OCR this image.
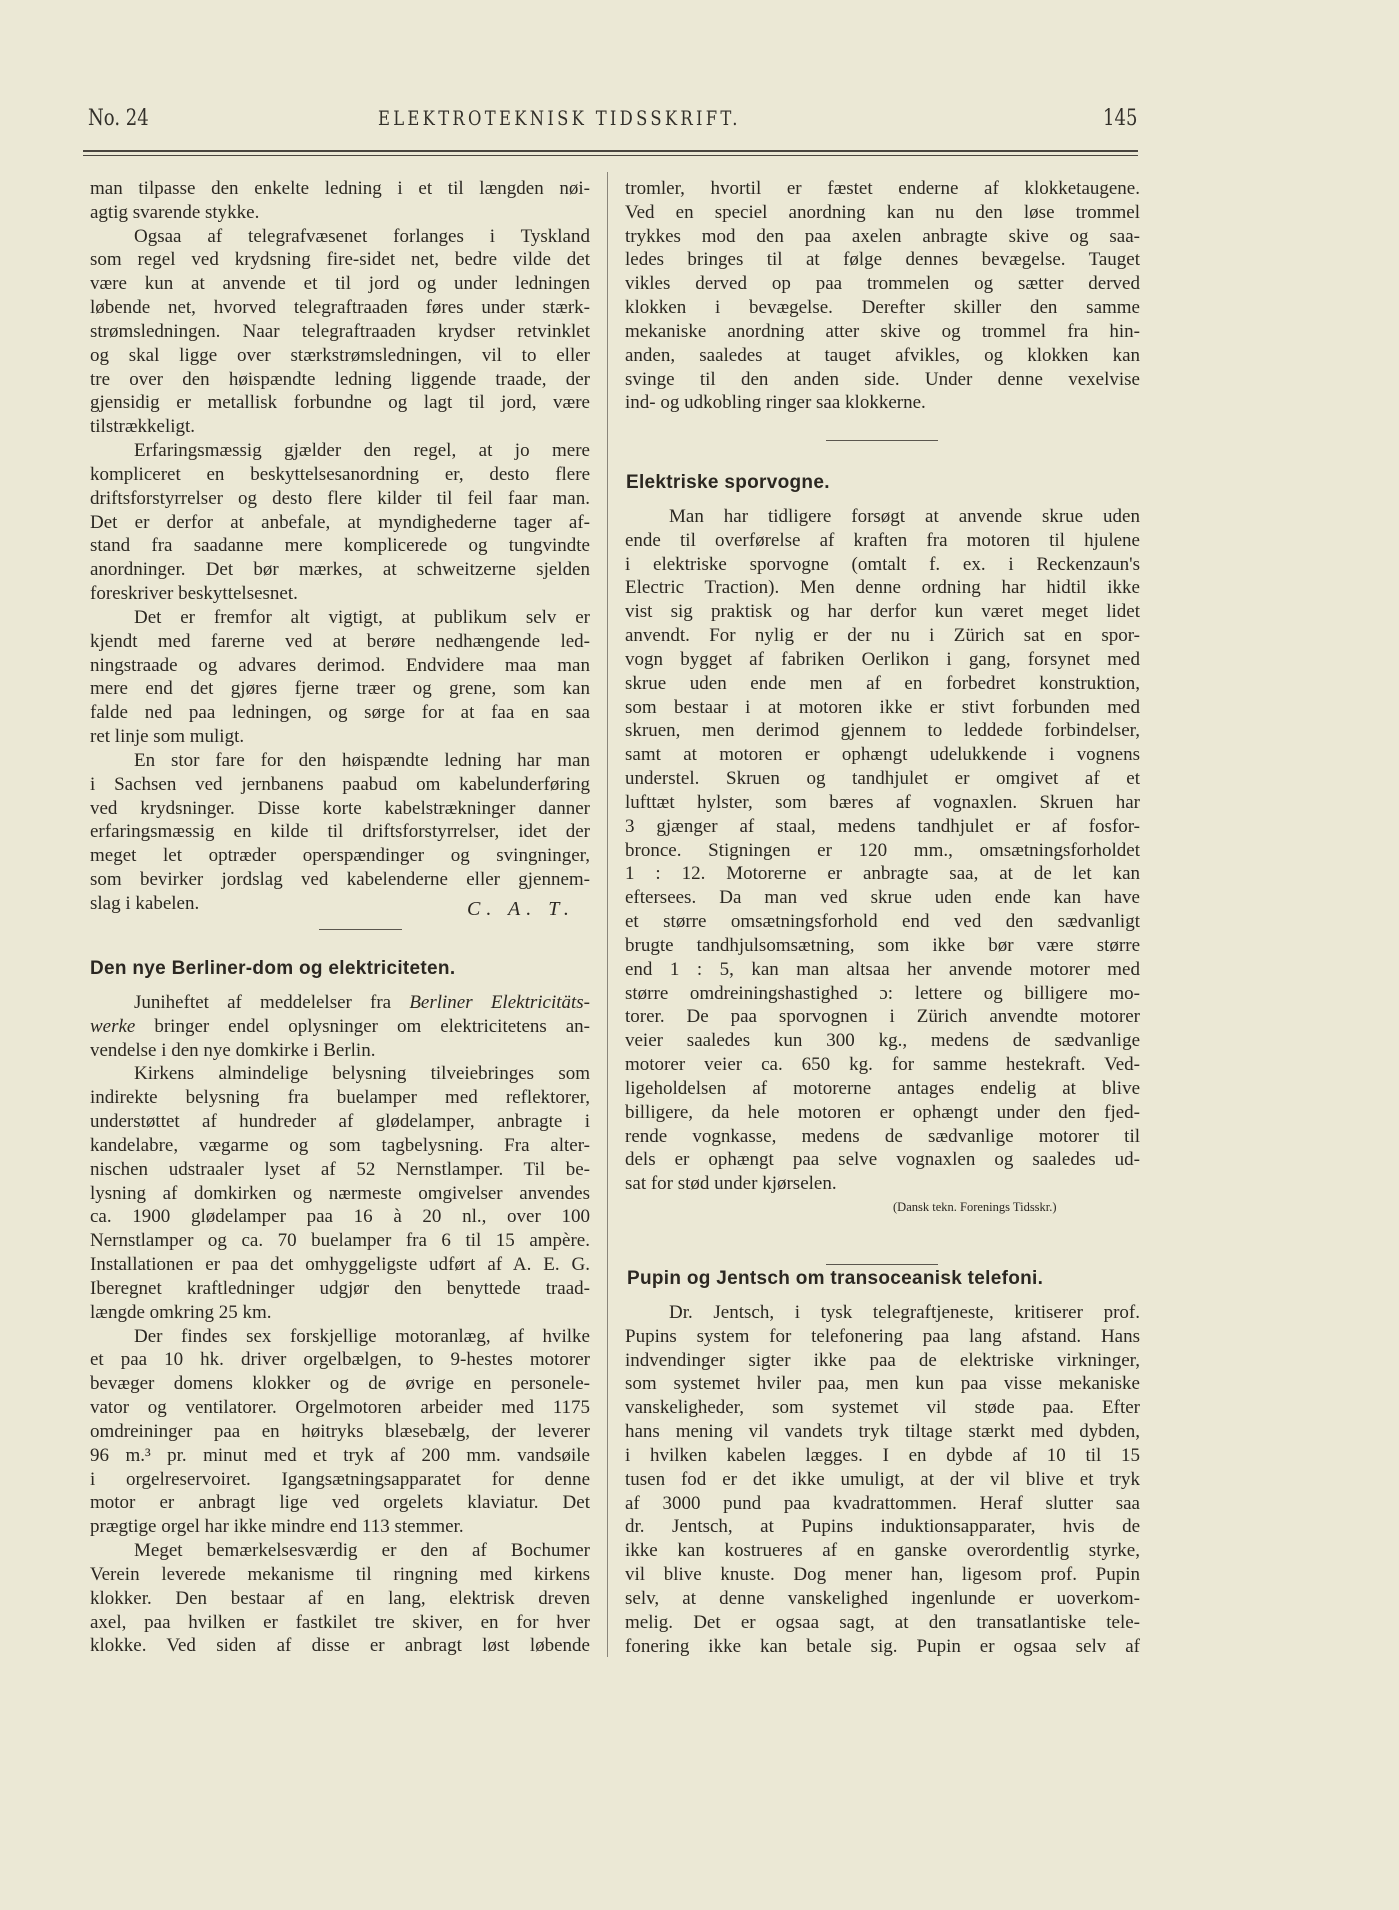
No. 24	ELEKTROTEKNISK TIDSSKRIFT.	145
man tilpasse den enkelte ledning i et til længden nøi-
agtig svarende stykke.
Ogsaa af telegrafvæsenet forlanges i Tyskland
som regel ved krydsning fire-sidet net, bedre vilde det
være kun at anvende et til jord og under ledningen
løbende net, hvorved telegraftraaden føres under stærk-
strømsledningen. Naar telegraftraaden krydser retvinklet
og skal ligge over stærkstrømsledningen, vil to eller
tre over den høispændte ledning liggende traade, der
gjensidig er metallisk forbundne og lagt til jord, være
tilstrækkeligt.
Erfaringsmæssig gjælder den regel, at jo mere
kompliceret en beskyttelsesanordning er, desto flere
driftsforstyrrelser og desto flere kilder til feil faar man.
Det er derfor at anbefale, at myndighederne tager af-
stand fra saadanne mere komplicerede og tungvindte
anordninger. Det bør mærkes, at schweitzerne sjelden
foreskriver beskyttelsesnet.
Det er fremfor alt vigtigt, at publikum selv er
kjendt med farerne ved at berøre nedhængende led-
ningstraade og advares derimod. Endvidere maa man
mere end det gjøres fjerne træer og grene, som kan
falde ned paa ledningen, og sørge for at faa en saa
ret linje som muligt.
En stor fare for den høispændte ledning har man
i Sachsen ved jernbanens paabud om kabelunderføring
ved krydsninger. Disse korte kabelstrækninger danner
erfaringsmæssig en kilde til driftsforstyrrelser, idet der
meget let optræder operspændinger og svingninger,
som bevirker jordslag ved kabelenderne eller gjennem-
slag i kabelen.	C. A. T.
Den nye Berliner-dom og elektriciteten.
Juniheftet af meddelelser fra Berliner Elektricitäts-
werke bringer endel oplysninger om elektricitetens an-
vendelse i den nye domkirke i Berlin.
Kirkens almindelige belysning tilveiebringes som
indirekte belysning fra buelamper med reflektorer,
understøttet af hundreder af glødelamper, anbragte i
kandelabre, vægarme og som tagbelysning. Fra alter-
nischen udstraaler lyset af 52 Nernstlamper. Til be-
lysning af domkirken og nærmeste omgivelser anvendes
ca. 1900 glødelamper paa 16 à 20 nl., over 100
Nernstlamper og ca. 70 buelamper fra 6 til 15 ampère.
Installationen er paa det omhyggeligste udført af A. E. G.
Iberegnet kraftledninger udgjør den benyttede traad-
længde omkring 25 km.
Der findes sex forskjellige motoranlæg, af hvilke
et paa 10 hk. driver orgelbælgen, to 9-hestes motorer
bevæger domens klokker og de øvrige en personele-
vator og ventilatorer. Orgelmotoren arbeider med 1175
omdreininger paa en høitryks blæsebælg, der leverer
96 m.³ pr. minut med et tryk af 200 mm. vandsøile
i orgelreservoiret. Igangsætningsapparatet for denne
motor er anbragt lige ved orgelets klaviatur. Det
prægtige orgel har ikke mindre end 113 stemmer.
Meget bemærkelsesværdig er den af Bochumer
Verein leverede mekanisme til ringning med kirkens
klokker. Den bestaar af en lang, elektrisk dreven
axel, paa hvilken er fastkilet tre skiver, en for hver
klokke. Ved siden af disse er anbragt løst løbende
tromler, hvortil er fæstet enderne af klokketaugene.
Ved en speciel anordning kan nu den løse trommel
trykkes mod den paa axelen anbragte skive og saa-
ledes bringes til at følge dennes bevægelse. Tauget
vikles derved op paa trommelen og sætter derved
klokken i bevægelse. Derefter skiller den samme
mekaniske anordning atter skive og trommel fra hin-
anden, saaledes at tauget afvikles, og klokken kan
svinge til den anden side. Under denne vexelvise
ind- og udkobling ringer saa klokkerne.
Elektriske sporvogne.
Man har tidligere forsøgt at anvende skrue uden
ende til overførelse af kraften fra motoren til hjulene
i elektriske sporvogne (omtalt f. ex. i Reckenzaun's
Electric Traction). Men denne ordning har hidtil ikke
vist sig praktisk og har derfor kun været meget lidet
anvendt. For nylig er der nu i Zürich sat en spor-
vogn bygget af fabriken Oerlikon i gang, forsynet med
skrue uden ende men af en forbedret konstruktion,
som bestaar i at motoren ikke er stivt forbunden med
skruen, men derimod gjennem to leddede forbindelser,
samt at motoren er ophængt udelukkende i vognens
understel. Skruen og tandhjulet er omgivet af et
lufttæt hylster, som bæres af vognaxlen. Skruen har
3 gjænger af staal, medens tandhjulet er af fosfor-
bronce. Stigningen er 120 mm., omsætningsforholdet
1 : 12. Motorerne er anbragte saa, at de let kan
eftersees. Da man ved skrue uden ende kan have
et større omsætningsforhold end ved den sædvanligt
brugte tandhjulsomsætning, som ikke bør være større
end 1 : 5, kan man altsaa her anvende motorer med
større omdreiningshastighed ɔ: lettere og billigere mo-
torer. De paa sporvognen i Zürich anvendte motorer
veier saaledes kun 300 kg., medens de sædvanlige
motorer veier ca. 650 kg. for samme hestekraft. Ved-
ligeholdelsen af motorerne antages endelig at blive
billigere, da hele motoren er ophængt under den fjed-
rende vognkasse, medens de sædvanlige motorer til
dels er ophængt paa selve vognaxlen og saaledes ud-
sat for stød under kjørselen.
(Dansk tekn. Forenings Tidsskr.)
Pupin og Jentsch om transoceanisk telefoni.
Dr. Jentsch, i tysk telegraftjeneste, kritiserer prof.
Pupins system for telefonering paa lang afstand. Hans
indvendinger sigter ikke paa de elektriske virkninger,
som systemet hviler paa, men kun paa visse mekaniske
vanskeligheder, som systemet vil støde paa. Efter
hans mening vil vandets tryk tiltage stærkt med dybden,
i hvilken kabelen lægges. I en dybde af 10 til 15
tusen fod er det ikke umuligt, at der vil blive et tryk
af 3000 pund paa kvadrattommen. Heraf slutter saa
dr. Jentsch, at Pupins induktionsapparater, hvis de
ikke kan kostrueres af en ganske overordentlig styrke,
vil blive knuste. Dog mener han, ligesom prof. Pupin
selv, at denne vanskelighed ingenlunde er uoverkom-
melig. Det er ogsaa sagt, at den transatlantiske tele-
fonering ikke kan betale sig. Pupin er ogsaa selv af
